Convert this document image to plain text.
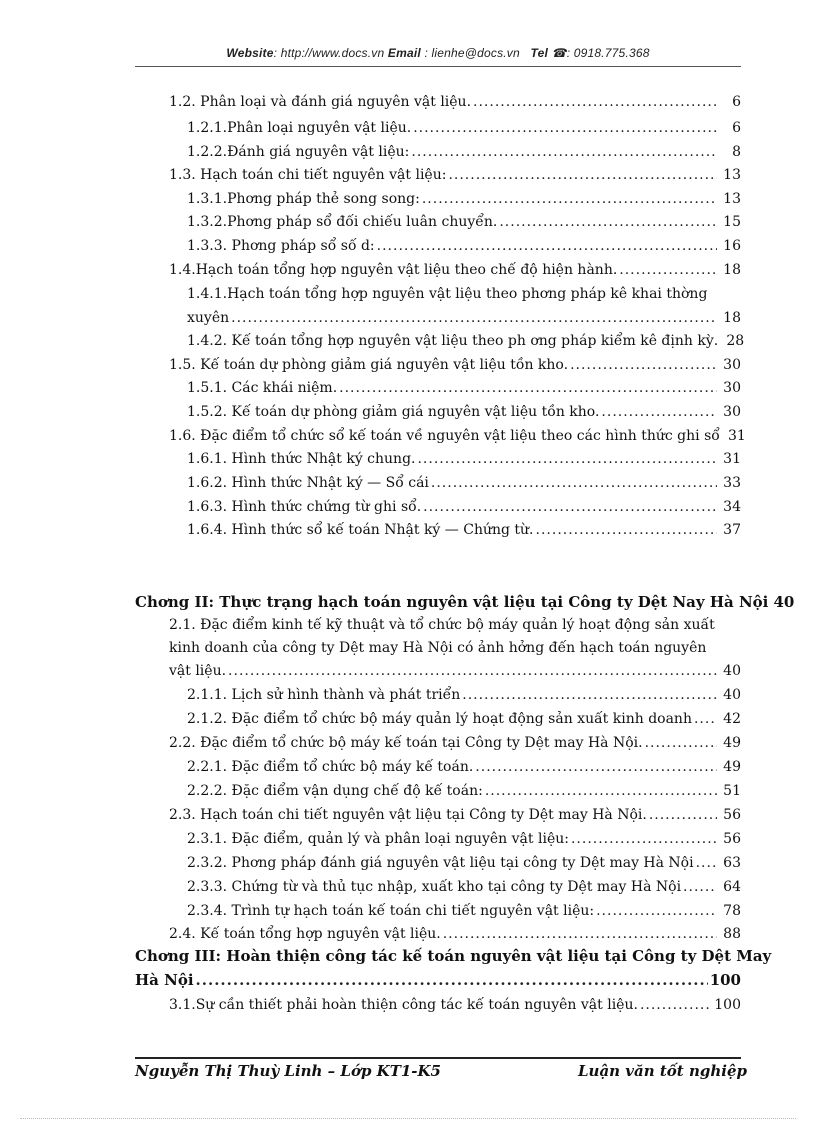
Website: http://www.docs.vn Email : lienhe@docs.vn Tel ☎: 0918.775.368
1.2. Phân loại và đánh giá nguyên vật liệu. .....	6
1.2.1.Phân loại nguyên vật liệu. .....	6
1.2.2.Đánh giá nguyên vật liệu: .....	8
1.3. Hạch toán chi tiết nguyên vật liệu: .....	13
1.3.1.Phơng pháp thẻ song song: .....	13
1.3.2.Phơng pháp sổ đối chiếu luân chuyển. .....	15
1.3.3. Phơng pháp sổ số d: .....	16
1.4.Hạch toán tổng hợp nguyên vật liệu theo chế độ hiện hành. .....	18
1.4.1.Hạch toán tổng hợp nguyên vật liệu theo phơng pháp kê khai thờng
xuyên .....	18
1.4.2. Kế toán tổng hợp nguyên vật liệu theo ph ơng pháp kiểm kê định kỳ. 28
1.5. Kế toán dự phòng giảm giá nguyên vật liệu tồn kho. .....	30
1.5.1. Các khái niệm. .....	30
1.5.2. Kế toán dự phòng giảm giá nguyên vật liệu tồn kho. .....	30
1.6. Đặc điểm tổ chức sổ kế toán về nguyên vật liệu theo các hình thức ghi sổ 31
1.6.1. Hình thức Nhật ký chung. .....	31
1.6.2. Hình thức Nhật ký — Sổ cái .....	33
1.6.3. Hình thức chứng từ ghi sổ. .....	34
1.6.4. Hình thức sổ kế toán Nhật ký — Chứng từ. .....	37
Chơng II: Thực trạng hạch toán nguyên vật liệu tại Công ty Dệt Nay Hà Nội 40
2.1. Đặc điểm kinh tế kỹ thuật và tổ chức bộ máy quản lý hoạt động sản xuất
kinh doanh của công ty Dệt may Hà Nội có ảnh hởng đến hạch toán nguyên
vật liệu. .....	40
2.1.1. Lịch sử hình thành và phát triển .....	40
2.1.2. Đặc điểm tổ chức bộ máy quản lý hoạt động sản xuất kinh doanh ..... 42
2.2. Đặc điểm tổ chức bộ máy kế toán tại Công ty Dệt may Hà Nội. .....	49
2.2.1. Đặc điểm tổ chức bộ máy kế toán. .....	49
2.2.2. Đặc điểm vận dụng chế độ kế toán: .....	51
2.3. Hạch toán chi tiết nguyên vật liệu tại Công ty Dệt may Hà Nội. .....	56
2.3.1. Đặc điểm, quản lý và phân loại nguyên vật liệu: .....	56
2.3.2. Phơng pháp đánh giá nguyên vật liệu tại công ty Dệt may Hà Nội ..... 63
2.3.3. Chứng từ và thủ tục nhập, xuất kho tại công ty Dệt may Hà Nội .....	64
2.3.4. Trình tự hạch toán kế toán chi tiết nguyên vật liệu: .....	78
2.4. Kế toán tổng hợp nguyên vật liệu. .....	88
Chơng III: Hoàn thiện công tác kế toán nguyên vật liệu tại Công ty Dệt May
Hà Nội .....	100
3.1.Sự cần thiết phải hoàn thiện công tác kế toán nguyên vật liệu. .....	100
Nguyễn Thị Thuỳ Linh – Lớp KT1-K5	Luận văn tốt nghiệp
